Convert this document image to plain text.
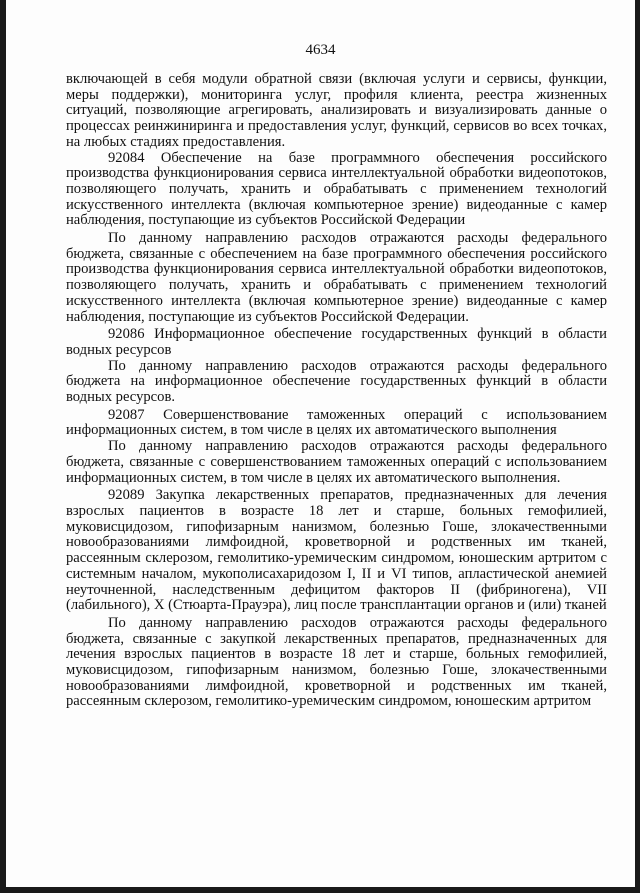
4634

включающей в себя модули обратной связи (включая услуги и сервисы, функции, меры поддержки), мониторинга услуг, профиля клиента, реестра жизненных ситуаций, позволяющие агрегировать, анализировать и визуализировать данные о процессах реинжиниринга и предоставления услуг, функций, сервисов во всех точках, на любых стадиях предоставления.

92084 Обеспечение на базе программного обеспечения российского производства функционирования сервиса интеллектуальной обработки видеопотоков, позволяющего получать, хранить и обрабатывать с применением технологий искусственного интеллекта (включая компьютерное зрение) видеоданные с камер наблюдения, поступающие из субъектов Российской Федерации

По данному направлению расходов отражаются расходы федерального бюджета, связанные с обеспечением на базе программного обеспечения российского производства функционирования сервиса интеллектуальной обработки видеопотоков, позволяющего получать, хранить и обрабатывать с применением технологий искусственного интеллекта (включая компьютерное зрение) видеоданные с камер наблюдения, поступающие из субъектов Российской Федерации.

92086 Информационное обеспечение государственных функций в области водных ресурсов

По данному направлению расходов отражаются расходы федерального бюджета на информационное обеспечение государственных функций в области водных ресурсов.

92087 Совершенствование таможенных операций с использованием информационных систем, в том числе в целях их автоматического выполнения

По данному направлению расходов отражаются расходы федерального бюджета, связанные с совершенствованием таможенных операций с использованием информационных систем, в том числе в целях их автоматического выполнения.

92089 Закупка лекарственных препаратов, предназначенных для лечения взрослых пациентов в возрасте 18 лет и старше, больных гемофилией, муковисцидозом, гипофизарным нанизмом, болезнью Гоше, злокачественными новообразованиями лимфоидной, кроветворной и родственных им тканей, рассеянным склерозом, гемолитико-уремическим синдромом, юношеским артритом с системным началом, мукополисахаридозом I, II и VI типов, апластической анемией неуточненной, наследственным дефицитом факторов II (фибриногена), VII (лабильного), X (Стюарта-Прауэра), лиц после трансплантации органов и (или) тканей

По данному направлению расходов отражаются расходы федерального бюджета, связанные с закупкой лекарственных препаратов, предназначенных для лечения взрослых пациентов в возрасте 18 лет и старше, больных гемофилией, муковисцидозом, гипофизарным нанизмом, болезнью Гоше, злокачественными новообразованиями лимфоидной, кроветворной и родственных им тканей, рассеянным склерозом, гемолитико-уремическим синдромом, юношеским артритом
